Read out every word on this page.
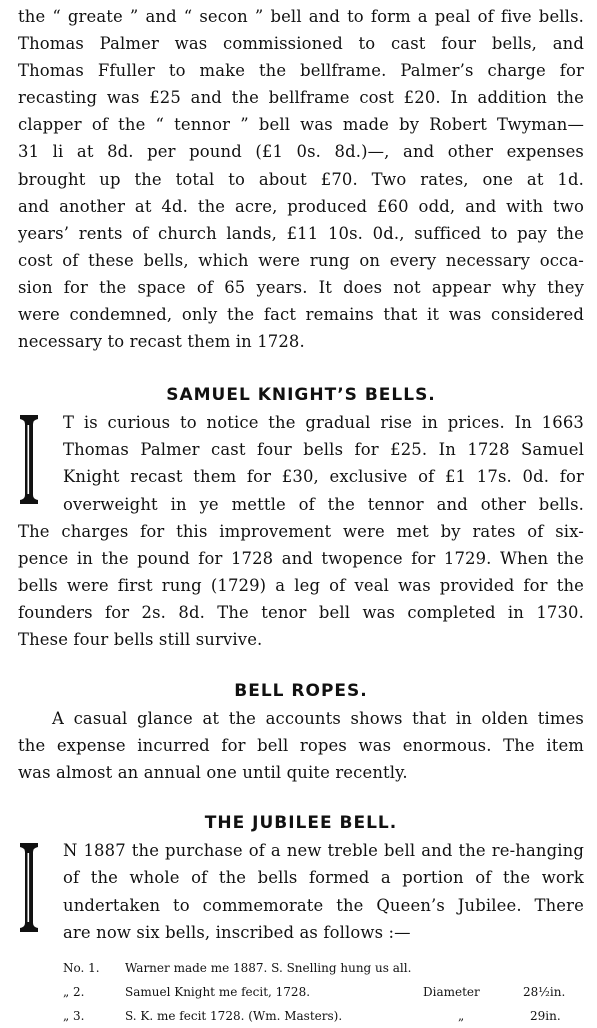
the “ greate ” and “ secon ” bell and to form a peal of five bells.
Thomas Palmer was commissioned to cast four bells, and
Thomas Ffuller to make the bellframe. Palmer’s charge for
recasting was £25 and the bellframe cost £20. In addition the
clapper of the “ tennor ” bell was made by Robert Twyman—
31 li at 8d. per pound (£1 0s. 8d.)—, and other expenses
brought up the total to about £70. Two rates, one at 1d.
and another at 4d. the acre, produced £60 odd, and with two
years’ rents of church lands, £11 10s. 0d., sufficed to pay the
cost of these bells, which were rung on every necessary occa-
sion for the space of 65 years. It does not appear why they
were condemned, only the fact remains that it was considered
necessary to recast them in 1728.
SAMUEL KNIGHT’S BELLS.
T is curious to notice the gradual rise in prices. In 1663
Thomas Palmer cast four bells for £25. In 1728 Samuel
Knight recast them for £30, exclusive of £1 17s. 0d. for
overweight in ye mettle of the tennor and other bells.
The charges for this improvement were met by rates of six-
pence in the pound for 1728 and twopence for 1729. When the
bells were first rung (1729) a leg of veal was provided for the
founders for 2s. 8d. The tenor bell was completed in 1730.
These four bells still survive.
BELL ROPES.
A casual glance at the accounts shows that in olden times
the expense incurred for bell ropes was enormous. The item
was almost an annual one until quite recently.
THE JUBILEE BELL.
N 1887 the purchase of a new treble bell and the re-hanging
of the whole of the bells formed a portion of the work
undertaken to commemorate the Queen’s Jubilee. There
are now six bells, inscribed as follows :—
No. 1. Warner made me 1887. S. Snelling hung us all.
„ 2.	Samuel Knight me fecit, 1728.	Diameter	28½in.
„ 3.	S. K. me fecit 1728. (Wm. Masters).	„	29in.
